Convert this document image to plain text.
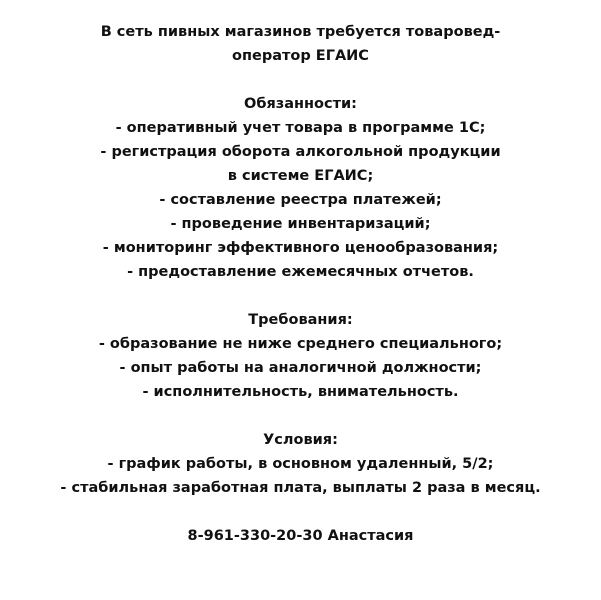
В сеть пивных магазинов требуется товаровед-
оператор ЕГАИС
Обязанности:
- оперативный учет товара в программе 1С;
- регистрация оборота алкогольной продукции
в системе ЕГАИС;
- составление реестра платежей;
- проведение инвентаризаций;
- мониторинг эффективного ценообразования;
- предоставление ежемесячных отчетов.
Требования:
- образование не ниже среднего специального;
- опыт работы на аналогичной должности;
- исполнительность, внимательность.
Условия:
- график работы, в основном удаленный, 5/2;
- стабильная заработная плата, выплаты 2 раза в месяц.
8-961-330-20-30 Анастасия
